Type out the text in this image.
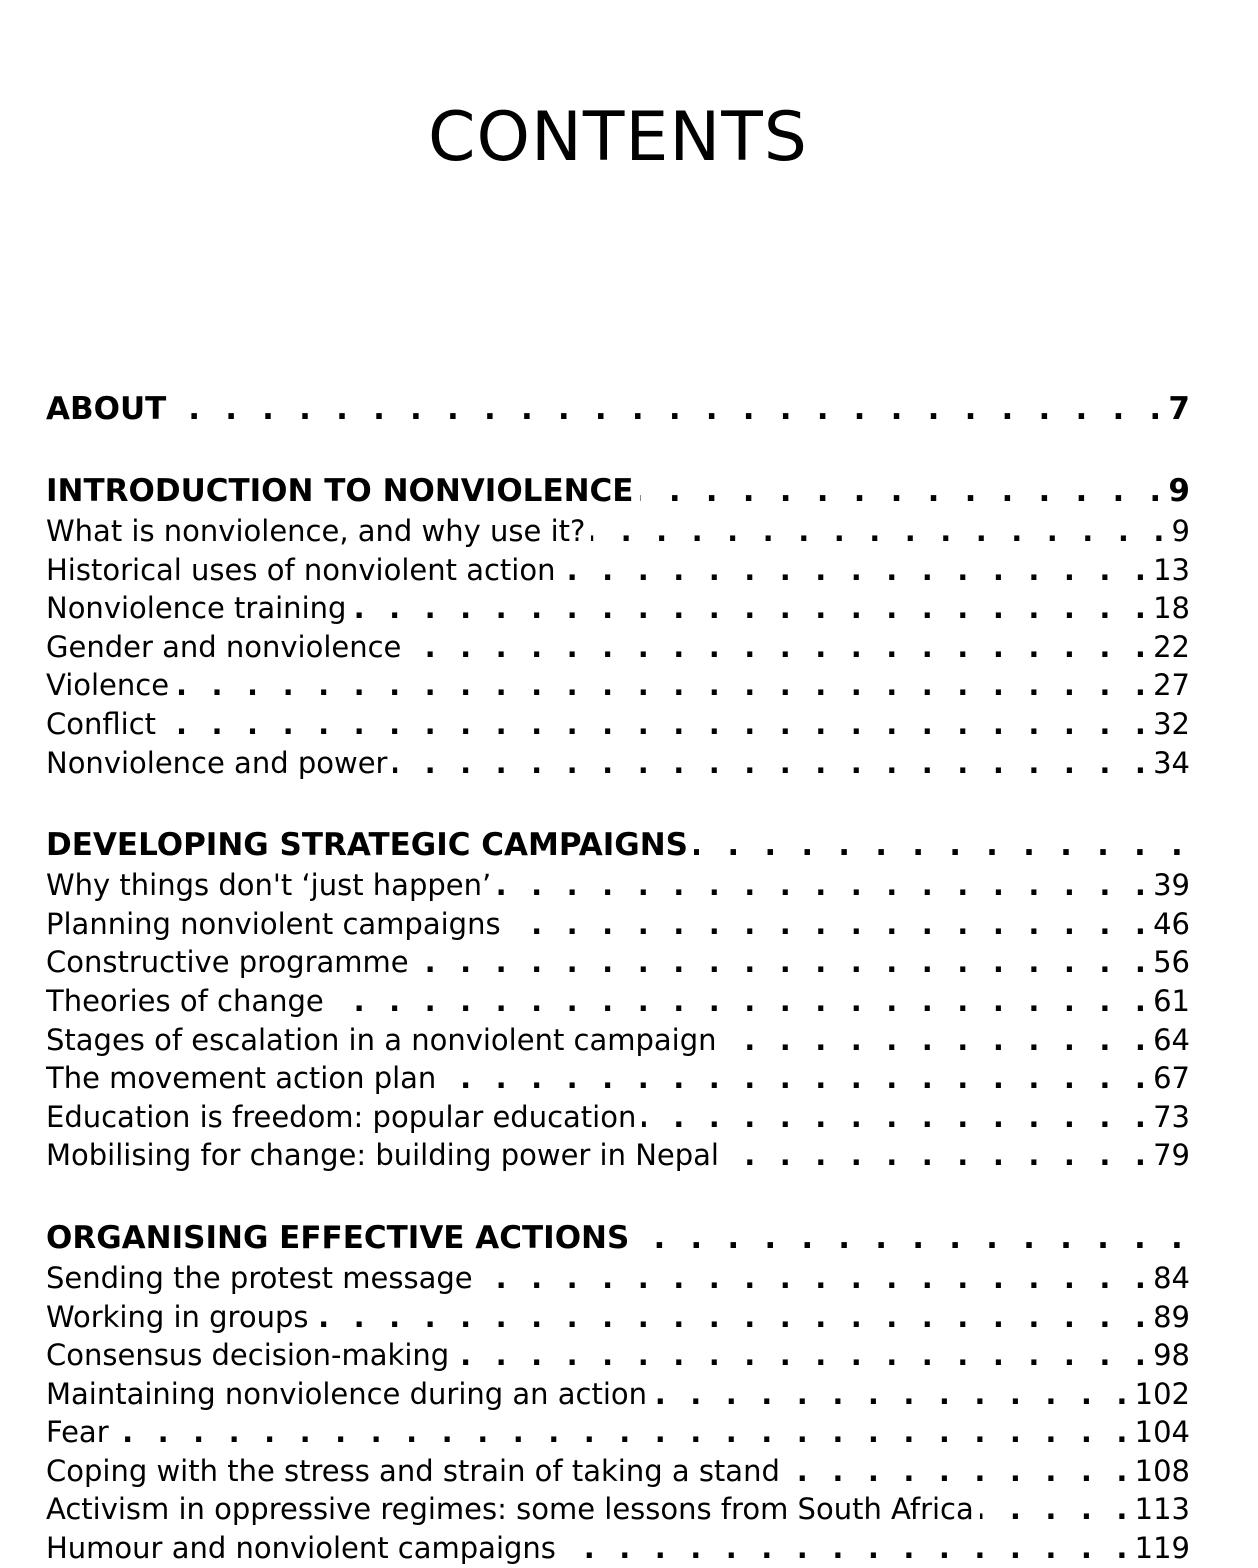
CONTENTS
ABOUT . . .	7
INTRODUCTION TO NONVIOLENCE . . .	9
What is nonviolence, and why use it? . . .	9
Historical uses of nonviolent action . . .	13
Nonviolence training . . .	18
Gender and nonviolence . . .	22
Violence . . .	27
Conflict . . .	32
Nonviolence and power . . .	34
DEVELOPING STRATEGIC CAMPAIGNS
. . .
Why things don't ‘just happen’ . . .	39
Planning nonviolent campaigns . . .	46
Constructive programme . . .	56
Theories of change . . .	61
Stages of escalation in a nonviolent campaign . . .	64
The movement action plan . . .	67
Education is freedom: popular education . . .	73
Mobilising for change: building power in Nepal . . .	79
ORGANISING EFFECTIVE ACTIONS
. . .
Sending the protest message . . .	84
Working in groups . . .	89
Consensus decision-making . . .	98
Maintaining nonviolence during an action . . .	102
Fear . . .	104
Coping with the stress and strain of taking a stand . . .	108
Activism in oppressive regimes: some lessons from South Africa . . .	113
Humour and nonviolent campaigns . . .	119
